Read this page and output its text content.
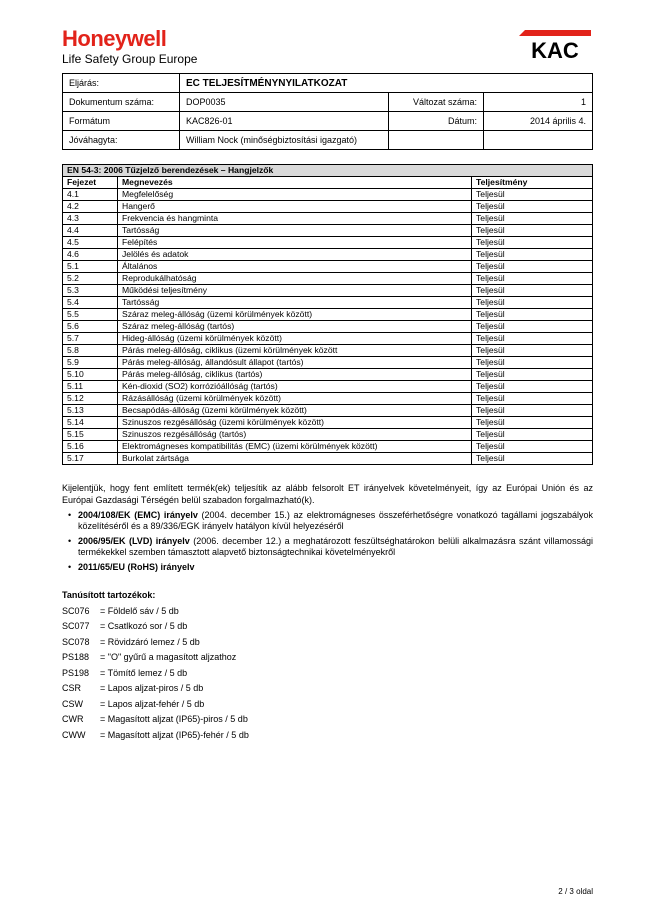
Honeywell
Life Safety Group Europe	KAC
Eljárás:	EC TELJESÍTMÉNYNYILATKOZAT		
Dokumentum száma:	DOP0035	Változat száma:	1
Formátum	KAC826-01	Dátum:	2014 április 4.
Jóváhagyta:	William Nock (minőségbiztosítási igazgató)		
EN 54-3: 2006 Tűzjelző berendezések – Hangjelzők		
Fejezet	Megnevezés	Teljesítmény
4.1	Megfelelőség	Teljesül
4.2	Hangerő	Teljesül
4.3	Frekvencia és hangminta	Teljesül
4.4	Tartósság	Teljesül
4.5	Felépítés	Teljesül
4.6	Jelölés és adatok	Teljesül
5.1	Általános	Teljesül
5.2	Reprodukálhatóság	Teljesül
5.3	Működési teljesítmény	Teljesül
5.4	Tartósság	Teljesül
5.5	Száraz meleg-állóság (üzemi körülmények között)	Teljesül
5.6	Száraz meleg-állóság (tartós)	Teljesül
5.7	Hideg-állóság (üzemi körülmények között)	Teljesül
5.8	Párás meleg-állóság, ciklikus (üzemi körülmények között	Teljesül
5.9	Párás meleg-állóság, állandósult állapot (tartós)	Teljesül
5.10	Párás meleg-állóság, ciklikus (tartós)	Teljesül
5.11	Kén-dioxid (SO2) korrózióállóság (tartós)	Teljesül
5.12	Rázásállóság (üzemi körülmények között)	Teljesül
5.13	Becsapódás-állóság (üzemi körülmények között)	Teljesül
5.14	Szinuszos rezgésállóság (üzemi körülmények között)	Teljesül
5.15	Szinuszos rezgésállóság (tartós)	Teljesül
5.16	Elektromágneses kompatibilitás (EMC) (üzemi körülmények között)	Teljesül
5.17	Burkolat zártsága	Teljesül
Kijelentjük, hogy fent említett termék(ek) teljesítik az alább felsorolt ET irányelvek követelményeit, így az Európai Unión és az Európai Gazdasági Térségén belül szabadon forgalmazható(k).
• 2004/108/EK (EMC) irányelv (2004. december 15.) az elektromágneses összeférhetőségre vonatkozó tagállami jogszabályok közelítéséről és a 89/336/EGK irányelv hatályon kívül helyezéséről
• 2006/95/EK (LVD) irányelv (2006. december 12.) a meghatározott feszültséghatárokon belüli alkalmazásra szánt villamossági termékekkel szemben támasztott alapvető biztonságtechnikai követelményekről
• 2011/65/EU (RoHS) irányelv
Tanúsított tartozékok:
SC076	= Földelő sáv / 5 db
SC077	= Csatlkozó sor / 5 db
SC078	= Rövidzáró lemez / 5 db
PS188	= "O" gyűrű a magasított aljzathoz
PS198	= Tömítő lemez / 5 db
CSR	= Lapos aljzat-piros / 5 db
CSW	= Lapos aljzat-fehér / 5 db
CWR	= Magasított aljzat (IP65)-piros / 5 db
CWW	= Magasított aljzat (IP65)-fehér / 5 db
2 / 3 oldal
